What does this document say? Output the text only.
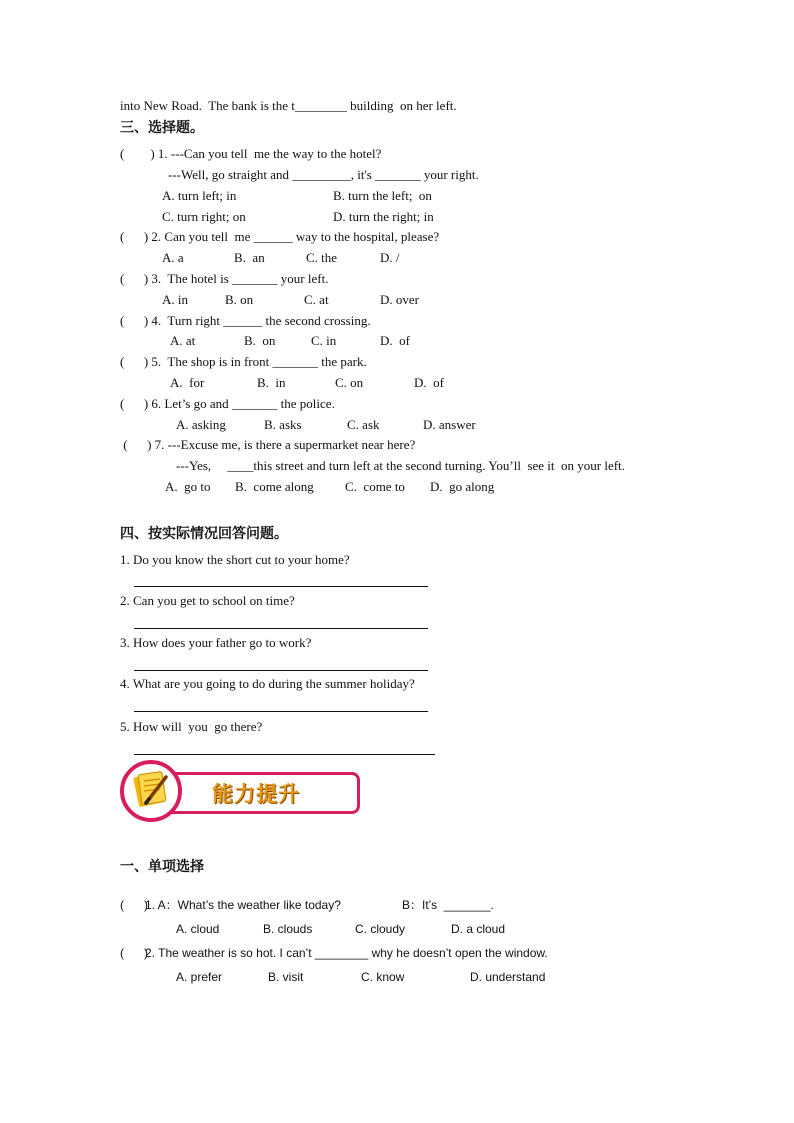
into New Road.  The bank is the t________ building  on her left.
三、选择题。
(        ) 1. ---Can you tell  me the way to the hotel?
---Well, go straight and _________, it's _______ your right.
A. turn left; in	B. turn the left;  on
C. turn right; on	D. turn the right; in
(      ) 2. Can you tell  me ______ way to the hospital, please?
A. a	B.  an	C. the	D. /
(      ) 3.  The hotel is _______ your left.
A. in	B. on	C. at	D. over
(      ) 4.  Turn right ______ the second crossing.
A. at	B.  on	C. in	D.  of
(      ) 5.  The shop is in front _______ the park.
A.  for	B.  in	C. on	D.  of
(      ) 6. Let’s go and _______ the police.
A. asking	B. asks	C. ask	D. answer
(      ) 7. ---Excuse me, is there a supermarket near here?
---Yes,     ____this street and turn left at the second turning. You’ll  see it  on your left.
A.  go to B.  come along C.  come to D.  go along
四、按实际情况回答问题。
1. Do you know the short cut to your home?
2. Can you get to school on time?
3. How does your father go to work?
4. What are you going to do during the summer holiday?
5. How will  you  go there?
能力提升
一、单项选择
(      )
1. A：What’s the weather like today?	B：It’s  _______.
A. cloud	B. clouds	C. cloudy	D. a cloud
(      )
2. The weather is so hot. I can’t ________ why he doesn’t open the window.
A. prefer	B. visit	C. know	D. understand
